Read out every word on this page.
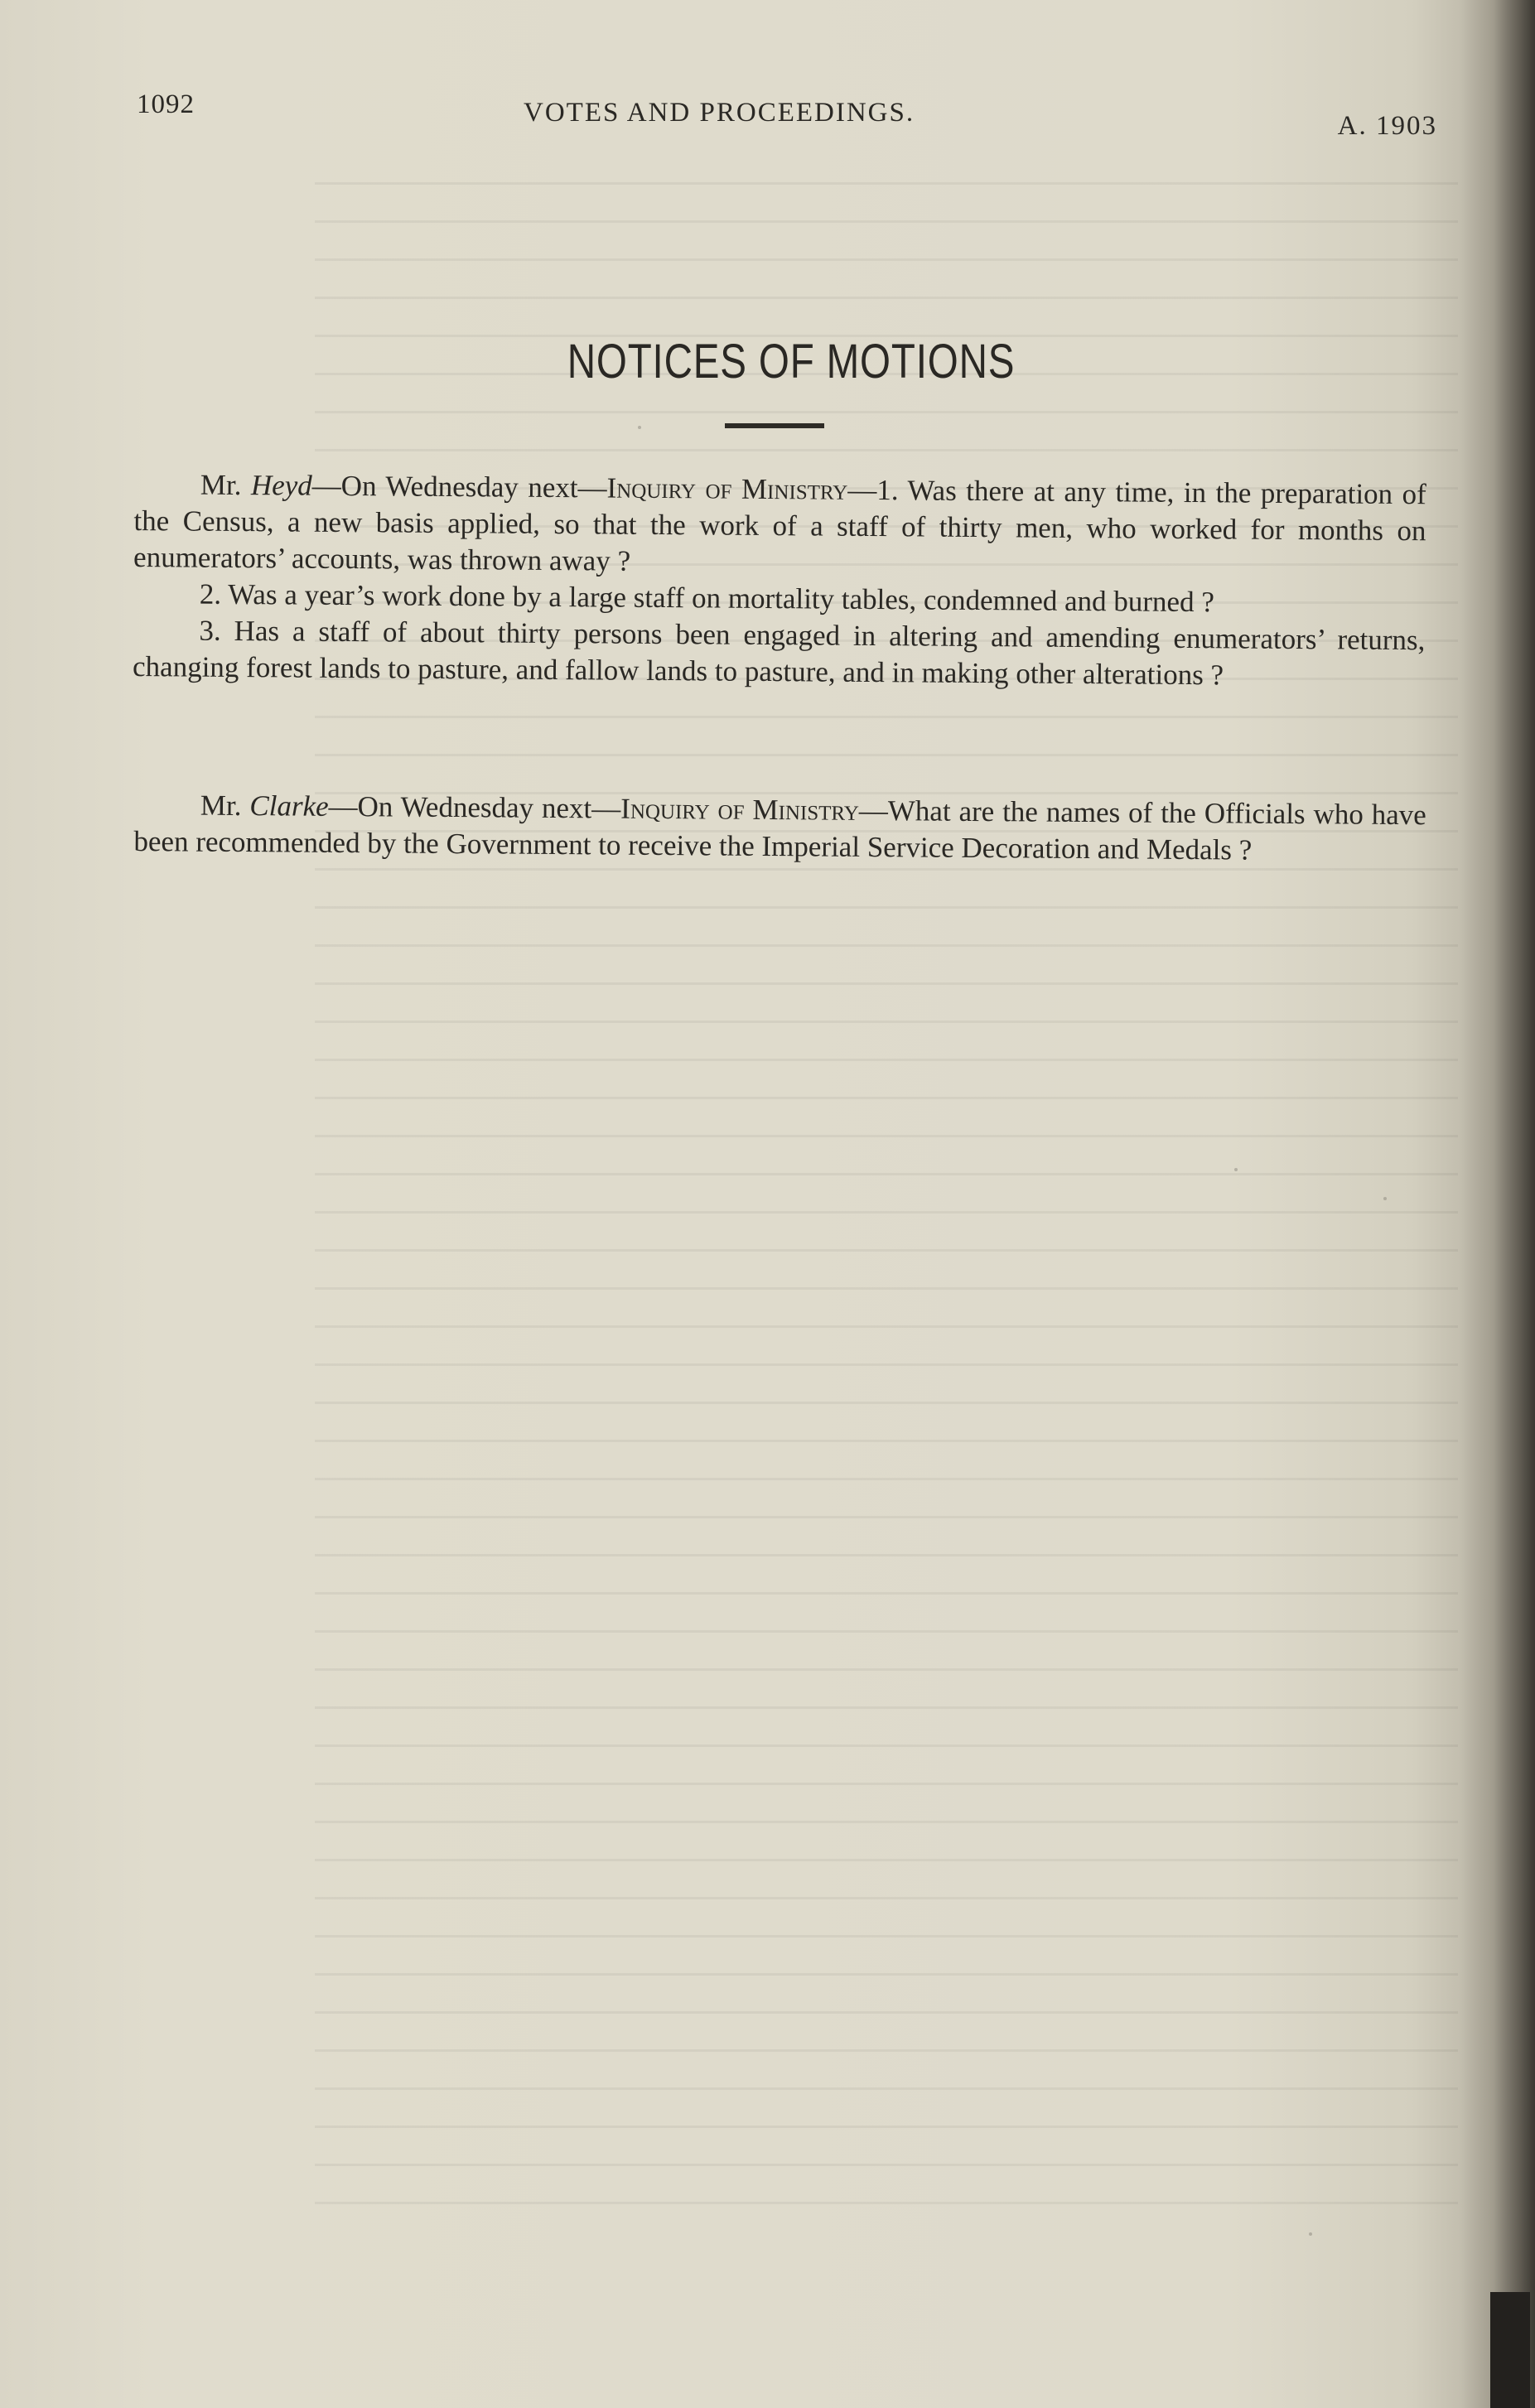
1092	VOTES AND PROCEEDINGS.	A. 1903
NOTICES OF MOTIONS

Mr. Heyd—On Wednesday next—Inquiry of Ministry—1. Was there at any time, in the preparation of the Census, a new basis applied, so that the work of a staff of thirty men, who worked for months on enumerators’ accounts, was thrown away ?

2. Was a year’s work done by a large staff on mortality tables, condemned and burned ?

3. Has a staff of about thirty persons been engaged in altering and amending enumerators’ returns, changing forest lands to pasture, and fallow lands to pasture, and in making other alterations ?

Mr. Clarke—On Wednesday next—Inquiry of Ministry—What are the names of the Officials who have been recommended by the Government to receive the Imperial Service Decoration and Medals ?
